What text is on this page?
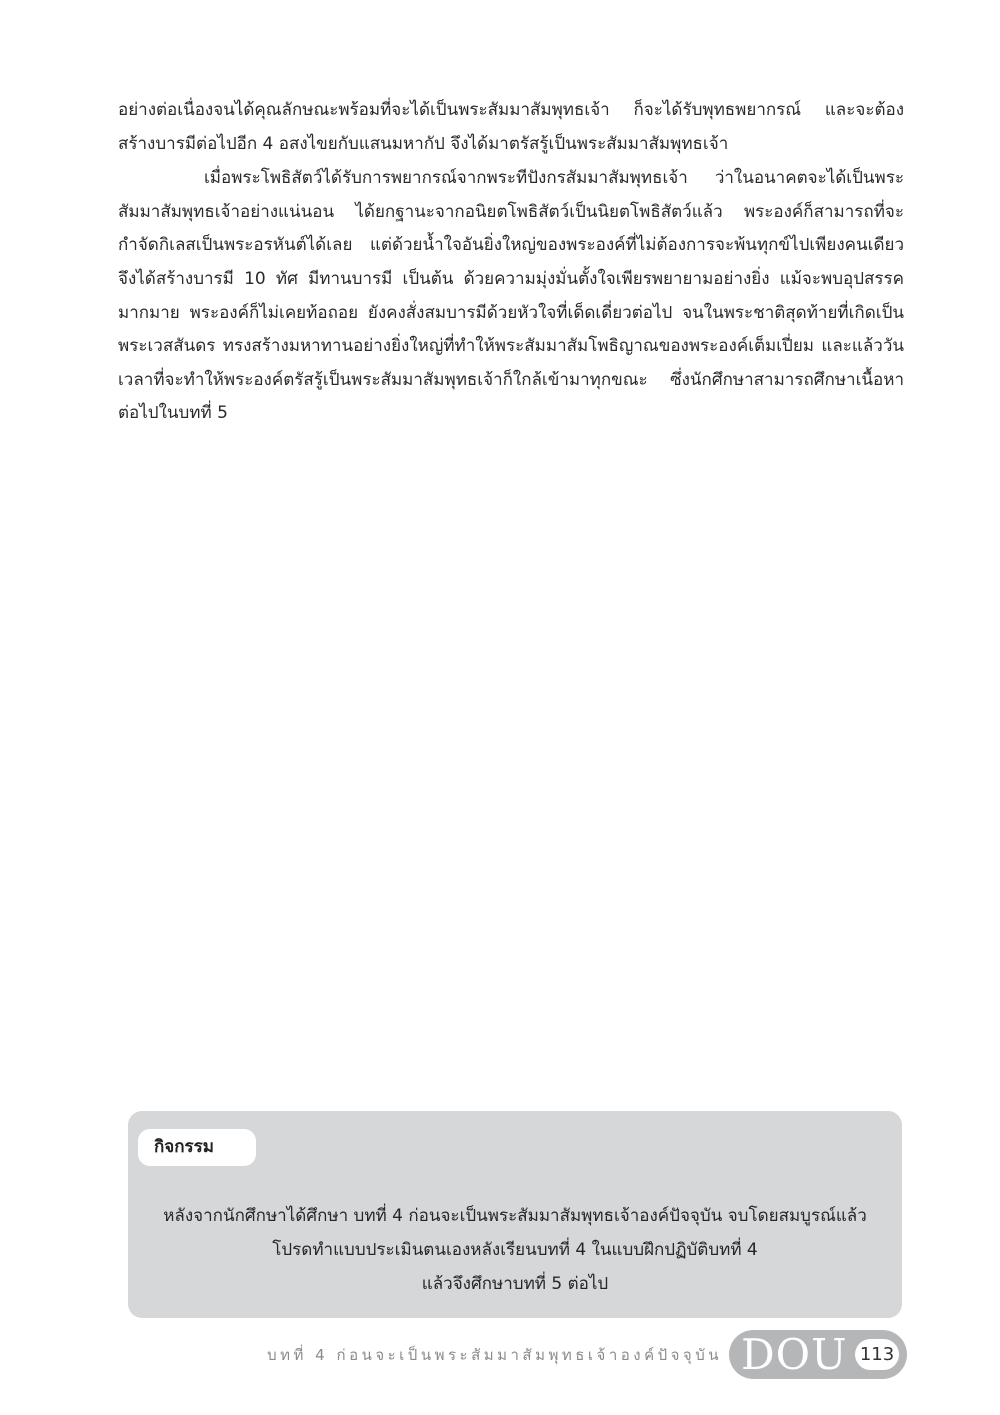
อย่างต่อเนื่องจนได้คุณลักษณะพร้อมที่จะได้เป็นพระสัมมาสัมพุทธเจ้า ก็จะได้รับพุทธพยากรณ์ และจะต้องสร้างบารมีต่อไปอีก 4 อสงไขยกับแสนมหากัป จึงได้มาตรัสรู้เป็นพระสัมมาสัมพุทธเจ้า

เมื่อพระโพธิสัตว์ได้รับการพยากรณ์จากพระทีปังกรสัมมาสัมพุทธเจ้า ว่าในอนาคตจะได้เป็นพระสัมมาสัมพุทธเจ้าอย่างแน่นอน ได้ยกฐานะจากอนิยตโพธิสัตว์เป็นนิยตโพธิสัตว์แล้ว พระองค์ก็สามารถที่จะกำจัดกิเลสเป็นพระอรหันต์ได้เลย แต่ด้วยน้ำใจอันยิ่งใหญ่ของพระองค์ที่ไม่ต้องการจะพ้นทุกข์ไปเพียงคนเดียว จึงได้สร้างบารมี 10 ทัศ มีทานบารมี เป็นต้น ด้วยความมุ่งมั่นตั้งใจเพียรพยายามอย่างยิ่ง แม้จะพบอุปสรรคมากมาย พระองค์ก็ไม่เคยท้อถอย ยังคงสั่งสมบารมีด้วยหัวใจที่เด็ดเดี่ยวต่อไป จนในพระชาติสุดท้ายที่เกิดเป็นพระเวสสันดร ทรงสร้างมหาทานอย่างยิ่งใหญ่ที่ทำให้พระสัมมาสัมโพธิญาณของพระองค์เต็มเปี่ยม และแล้ววันเวลาที่จะทำให้พระองค์ตรัสรู้เป็นพระสัมมาสัมพุทธเจ้าก็ใกล้เข้ามาทุกขณะ ซึ่งนักศึกษาสามารถศึกษาเนื้อหาต่อไปในบทที่ 5

กิจกรรม
หลังจากนักศึกษาได้ศึกษา บทที่ 4 ก่อนจะเป็นพระสัมมาสัมพุทธเจ้าองค์ปัจจุบัน จบโดยสมบูรณ์แล้ว
โปรดทำแบบประเมินตนเองหลังเรียนบทที่ 4 ในแบบฝึกปฏิบัติบทที่ 4
แล้วจึงศึกษาบทที่ 5 ต่อไป
บทที่ 4 ก่อนจะเป็นพระสัมมาสัมพุทธเจ้าองค์ปัจจุบัน DOU 113
